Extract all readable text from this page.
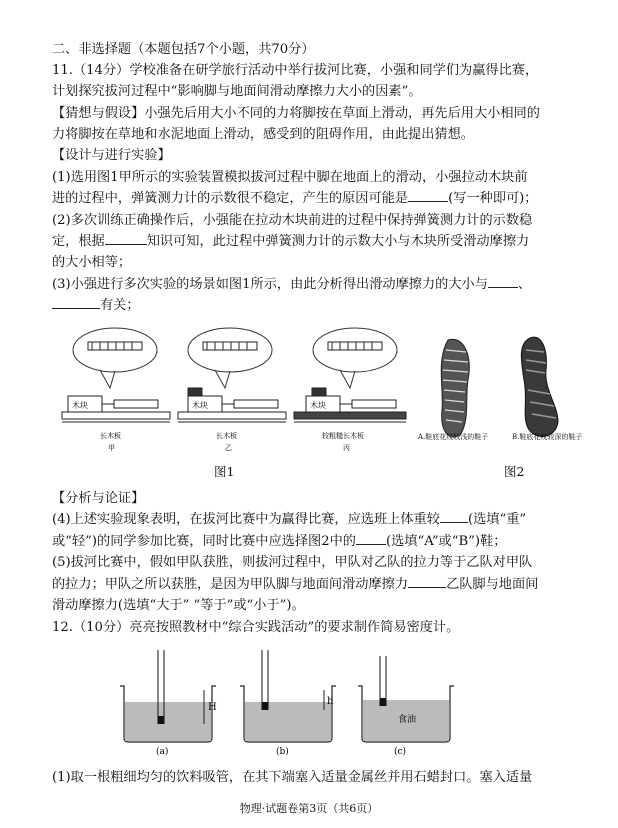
二、非选择题（本题包括7个小题，共70分）
11.（14分）学校准备在研学旅行活动中举行拔河比赛，小强和同学们为赢得比赛，
计划探究拔河过程中“影响脚与地面间滑动摩擦力大小的因素”。
【猜想与假设】小强先后用大小不同的力将脚按在草面上滑动，再先后用大小相同的
力将脚按在草地和水泥地面上滑动，感受到的阻碍作用，由此提出猜想。
【设计与进行实验】
(1)选用图1甲所示的实验装置模拟拔河过程中脚在地面上的滑动，小强拉动木块前
进的过程中，弹簧测力计的示数很不稳定，产生的原因可能是	(写一种即可)；
(2)多次训练正确操作后，小强能在拉动木块前进的过程中保持弹簧测力计的示数稳
定，根据	知识可知，此过程中弹簧测力计的示数大小与木块所受滑动摩擦力
的大小相等；
(3)小强进行多次实验的场景如图1所示，由此分析得出滑动摩擦力的大小与 、
有关；
木块	木块	木块
长木板	长木板	较粗糙长木板
甲	乙	丙
图1
A.鞋底花纹较浅的鞋子	B.鞋底花纹较深的鞋子
图2
【分析与论证】
(4)上述实验现象表明，在拔河比赛中为赢得比赛，应选班上体重较 (选填“重”
或“轻”)的同学参加比赛，同时比赛中应选择图2中的 (选填“A”或“B”)鞋；
(5)拔河比赛中，假如甲队获胜，则拔河过程中，甲队对乙队的拉力等于乙队对甲队
的拉力；甲队之所以获胜，是因为甲队脚与地面间滑动摩擦力	乙队脚与地面间
滑动摩擦力(选填“大于” “等于”或“小于”)。
12.（10分）亮亮按照教材中“综合实践活动”的要求制作简易密度计。
H
h
食油
(a)	(b)	(c)
(1)取一根粗细均匀的饮料吸管，在其下端塞入适量金属丝并用石蜡封口。塞入适量
物理·试题卷第3页（共6页）
